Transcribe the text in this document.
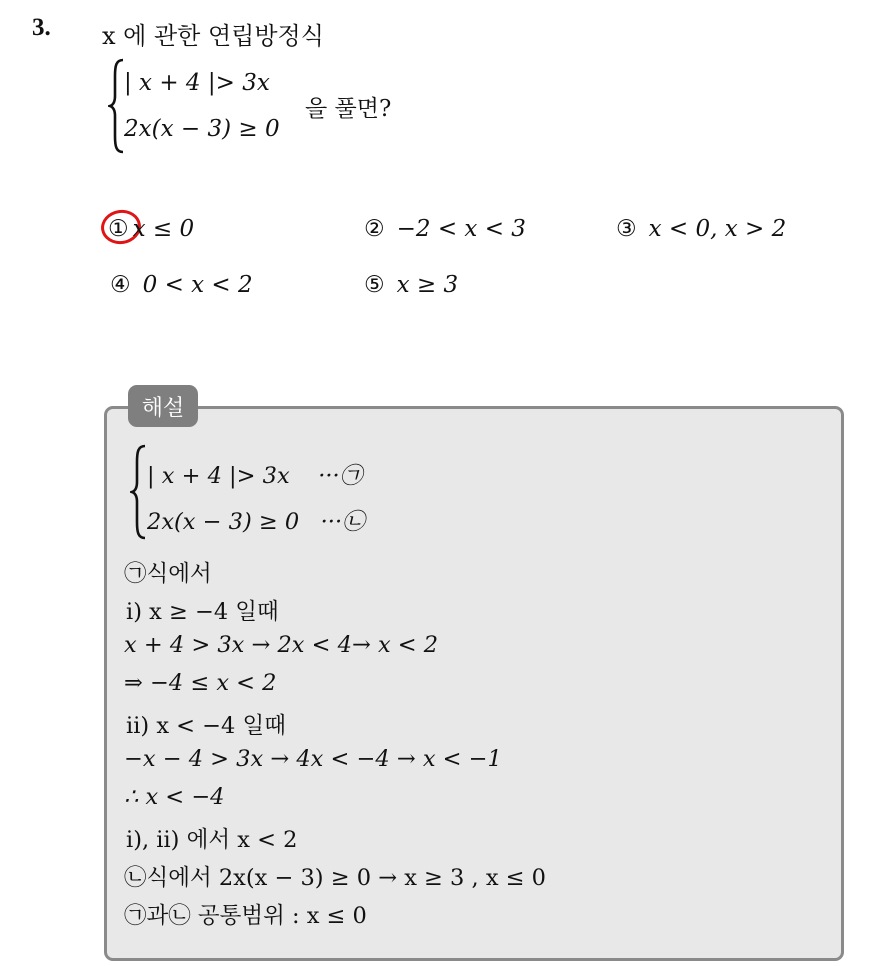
3. x 에 관한 연립방정식
| x + 4 |> 3x
2x(x − 3) ≥ 0
을 풀면?
① x ≤ 0	② −2 < x < 3	③ x < 0, x > 2
④ 0 < x < 2	⑤ x ≥ 3
해설
| x + 4 |> 3x    ···㉠
2x(x − 3) ≥ 0   ···㉡
㉠식에서
ⅰ) x ≥ −4 일때
x + 4 > 3x → 2x < 4→ x < 2
⇒ −4 ≤ x < 2
ⅱ) x < −4 일때
−x − 4 > 3x → 4x < −4 → x < −1
∴ x < −4
ⅰ), ⅱ) 에서 x < 2
㉡식에서 2x(x − 3) ≥ 0 → x ≥ 3 , x ≤ 0
㉠과㉡ 공통범위 : x ≤ 0
